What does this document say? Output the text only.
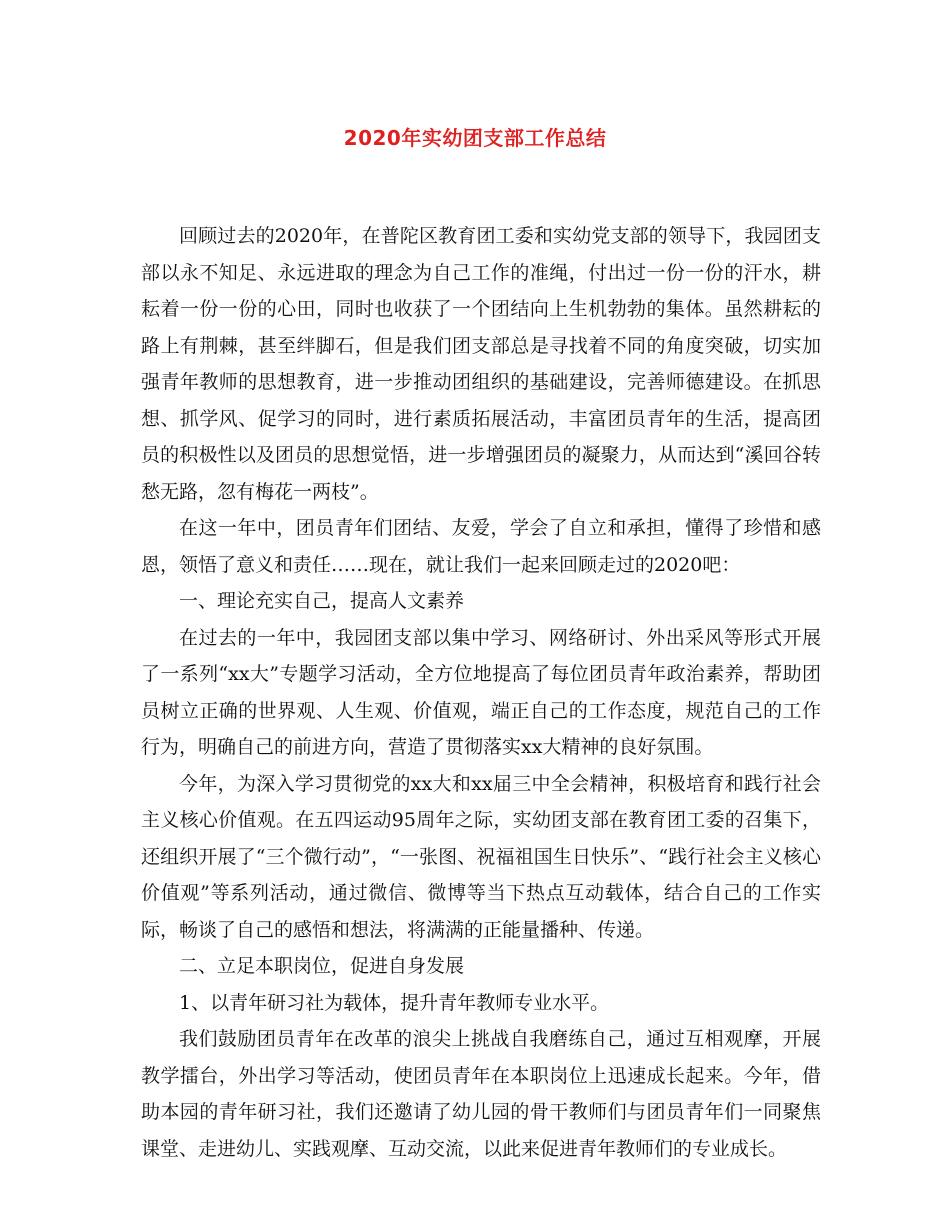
2020年实幼团支部工作总结

回顾过去的2020年，在普陀区教育团工委和实幼党支部的领导下，我园团支部以永不知足、永远进取的理念为自己工作的准绳，付出过一份一份的汗水，耕耘着一份一份的心田，同时也收获了一个团结向上生机勃勃的集体。虽然耕耘的路上有荆棘，甚至绊脚石，但是我们团支部总是寻找着不同的角度突破，切实加强青年教师的思想教育，进一步推动团组织的基础建设，完善师德建设。在抓思想、抓学风、促学习的同时，进行素质拓展活动，丰富团员青年的生活，提高团员的积极性以及团员的思想觉悟，进一步增强团员的凝聚力，从而达到“溪回谷转愁无路，忽有梅花一两枝”。

在这一年中，团员青年们团结、友爱，学会了自立和承担，懂得了珍惜和感恩，领悟了意义和责任……现在，就让我们一起来回顾走过的2020吧：

一、理论充实自己，提高人文素养

在过去的一年中，我园团支部以集中学习、网络研讨、外出采风等形式开展了一系列“xx大”专题学习活动，全方位地提高了每位团员青年政治素养，帮助团员树立正确的世界观、人生观、价值观，端正自己的工作态度，规范自己的工作行为，明确自己的前进方向，营造了贯彻落实xx大精神的良好氛围。

今年，为深入学习贯彻党的xx大和xx届三中全会精神，积极培育和践行社会主义核心价值观。在五四运动95周年之际，实幼团支部在教育团工委的召集下，还组织开展了“三个微行动”，“一张图、祝福祖国生日快乐”、“践行社会主义核心价值观”等系列活动，通过微信、微博等当下热点互动载体，结合自己的工作实际，畅谈了自己的感悟和想法，将满满的正能量播种、传递。

二、立足本职岗位，促进自身发展

1、以青年研习社为载体，提升青年教师专业水平。

我们鼓励团员青年在改革的浪尖上挑战自我磨练自己，通过互相观摩，开展教学擂台，外出学习等活动，使团员青年在本职岗位上迅速成长起来。今年，借助本园的青年研习社，我们还邀请了幼儿园的骨干教师们与团员青年们一同聚焦课堂、走进幼儿、实践观摩、互动交流，以此来促进青年教师们的专业成长。
